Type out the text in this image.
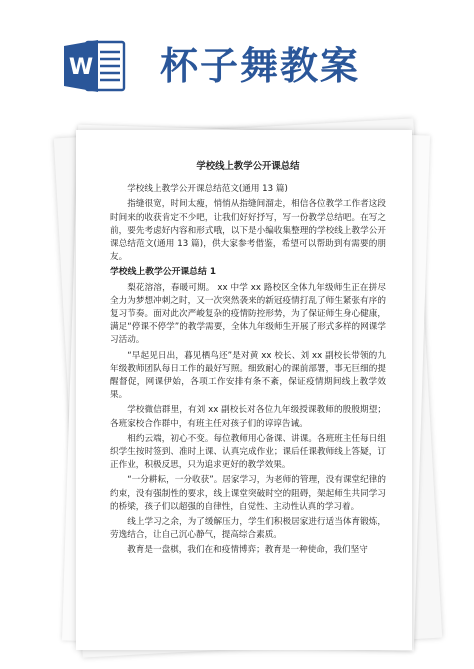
W 杯子舞教案
学校线上教学公开课总结

学校线上教学公开课总结范文(通用 13 篇)

指缝很宽，时间太瘦，悄悄从指缝间溜走，相信各位教学工作者这段时间来的收获肯定不少吧，让我们好好抒写，写一份教学总结吧。在写之前，要先考虑好内容和形式哦，以下是小编收集整理的学校线上教学公开课总结范文(通用 13 篇)，供大家参考借鉴，希望可以帮助到有需要的朋友。

学校线上教学公开课总结 1

梨花溶溶，春暖可期。 xx 中学 xx 路校区全体九年级师生正在拼尽全力为梦想冲刺之时，又一次突然袭来的新冠疫情打乱了师生紧张有序的复习节奏。面对此次严峻复杂的疫情防控形势，为了保证师生身心健康，满足“停课不停学”的教学需要，全体九年级师生开展了形式多样的网课学习活动。

“早起见日出，暮见栖鸟还”是对黄 xx 校长、刘 xx 副校长带领的九年级教师团队每日工作的最好写照。细致耐心的课前部署，事无巨细的提醒督促，网课伊始，各项工作安排有条不紊，保证疫情期间线上教学效果。

学校微信群里，有刘 xx 副校长对各位九年级授课教师的殷殷期望；各班家校合作群中，有班主任对孩子们的谆谆告诫。

相约云端，初心不变。每位教师用心备课、讲课。各班班主任每日组织学生按时签到、准时上课、认真完成作业；课后任课教师线上答疑，订正作业，积极反思，只为追求更好的教学效果。

“一分耕耘，一分收获”。居家学习，为老师的管理，没有课堂纪律的约束，没有强制性的要求，线上课堂突破时空的阻碍，架起师生共同学习的桥梁，孩子们以超强的自律性，自觉性、主动性认真的学习着。

线上学习之余，为了缓解压力，学生们积极居家进行适当体育锻炼，劳逸结合，让自己沉心静气，提高综合素质。

教育是一盘棋，我们在和疫情博弈；教育是一种使命，我们坚守
